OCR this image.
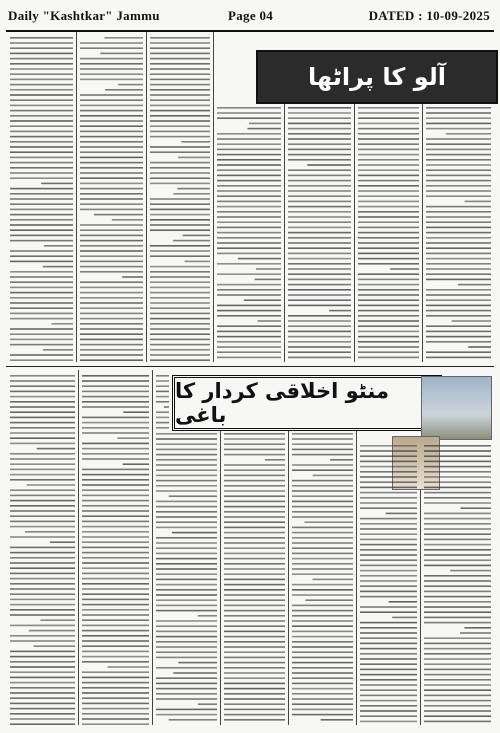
Daily "Kashtkar" Jammu	Page 04	DATED : 10-09-2025
آلو کا پراٹھا
منٹو اخلاقی کردار کا باغی
